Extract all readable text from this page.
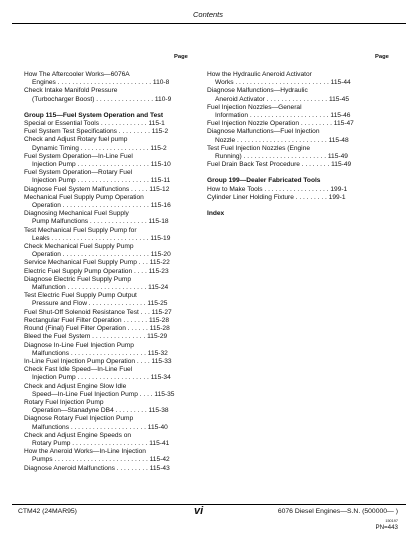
Contents
Page	Page
How The Aftercooler Works—6076A
Engines . . . . . . . . . . . . . . . . . . . . . . . . . . 110-8
Check Intake Manifold Pressure
(Turbocharger Boost) . . . . . . . . . . . . . . . . 110-9
Group 115—Fuel System Operation and Test
Special or Essential Tools . . . . . . . . . . . . . 115-1
Fuel System Test Specifications . . . . . . . . . 115-2
Check and Adjust Rotary fuel pump
Dynamic Timing . . . . . . . . . . . . . . . . . . . 115-2
Fuel System Operation—In-Line Fuel
Injection Pump . . . . . . . . . . . . . . . . . . . . 115-10
Fuel System Operation—Rotary Fuel
Injection Pump . . . . . . . . . . . . . . . . . . . . 115-11
Diagnose Fuel System Malfunctions . . . . . 115-12
Mechanical Fuel Supply Pump Operation
Operation . . . . . . . . . . . . . . . . . . . . . . . . 115-16
Diagnosing Mechanical Fuel Supply
Pump Malfunctions . . . . . . . . . . . . . . . . 115-18
Test Mechanical Fuel Supply Pump for
Leaks . . . . . . . . . . . . . . . . . . . . . . . . . . . 115-19
Check Mechanical Fuel Supply Pump
Operation . . . . . . . . . . . . . . . . . . . . . . . . 115-20
Service Mechanical Fuel Supply Pump . . . 115-22
Electric Fuel Supply Pump Operation . . . . 115-23
Diagnose Electric Fuel Supply Pump
Malfunction . . . . . . . . . . . . . . . . . . . . . . 115-24
Test Electric Fuel Supply Pump Output
Pressure and Flow . . . . . . . . . . . . . . . . 115-25
Fuel Shut-Off Solenoid Resistance Test . . . 115-27
Rectangular Fuel Filter Operation . . . . . . . 115-28
Round (Final) Fuel Filter Operation . . . . . . 115-28
Bleed the Fuel System . . . . . . . . . . . . . . . 115-29
Diagnose In-Line Fuel Injection Pump
Malfunctions . . . . . . . . . . . . . . . . . . . . . 115-32
In-Line Fuel Injection Pump Operation . . . . 115-33
Check Fast Idle Speed—In-Line Fuel
Injection Pump . . . . . . . . . . . . . . . . . . . . 115-34
Check and Adjust Engine Slow Idle
Speed—In-Line Fuel Injection Pump . . . . 115-35
Rotary Fuel Injection Pump
Operation—Stanadyne DB4 . . . . . . . . . 115-38
Diagnose Rotary Fuel Injection Pump
Malfunctions . . . . . . . . . . . . . . . . . . . . . 115-40
Check and Adjust Engine Speeds on
Rotary Pump . . . . . . . . . . . . . . . . . . . . . 115-41
How the Aneroid Works—In-Line Injection
Pumps . . . . . . . . . . . . . . . . . . . . . . . . . . 115-42
Diagnose Aneroid Malfunctions . . . . . . . . . 115-43
How the Hydraulic Aneroid Activator
Works . . . . . . . . . . . . . . . . . . . . . . . . . . 115-44
Diagnose Malfunctions—Hydraulic
Aneroid Activator . . . . . . . . . . . . . . . . . 115-45
Fuel Injection Nozzles—General
Information . . . . . . . . . . . . . . . . . . . . . . 115-46
Fuel Injection Nozzle Operation . . . . . . . . . 115-47
Diagnose Malfunctions—Fuel Injection
Nozzle . . . . . . . . . . . . . . . . . . . . . . . . . 115-48
Test Fuel Injection Nozzles (Engine
Running) . . . . . . . . . . . . . . . . . . . . . . . 115-49
Fuel Drain Back Test Procedure . . . . . . . . 115-49
Group 199—Dealer Fabricated Tools
How to Make Tools . . . . . . . . . . . . . . . . . . 199-1
Cylinder Liner Holding Fixture . . . . . . . . . 199-1
Index
CTM42 (24MAR95)	vi	6076 Diesel Engines—S.N. (500000— )
150197
PN=443
